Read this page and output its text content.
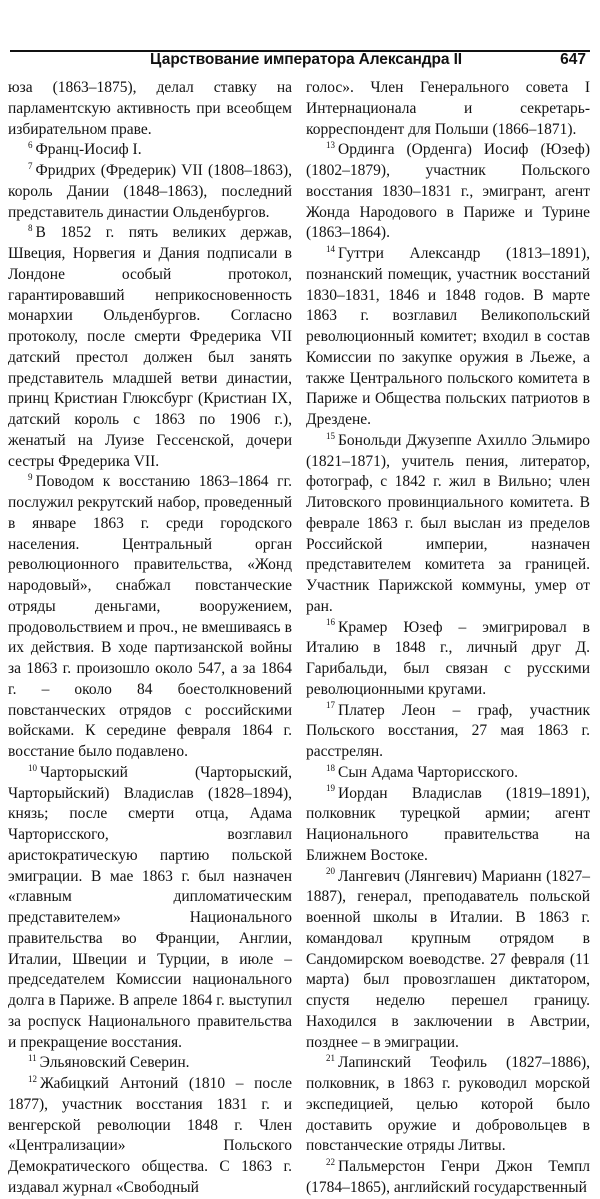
Царствование императора Александра II	647

юза (1863–1875), делал ставку на парламентскую активность при всеобщем избирательном праве.

$^6$ Франц-Иосиф I.

$^7$ Фридрих (Фредерик) VII (1808–1863), король Дании (1848–1863), последний представитель династии Ольденбургов.

$^8$ В 1852 г. пять великих держав, Швеция, Норвегия и Дания подписали в Лондоне особый протокол, гарантировавший неприкосновенность монархии Ольденбургов. Согласно протоколу, после смерти Фредерика VII датский престол должен был занять представитель младшей ветви династии, принц Кристиан Глюксбург (Кристиан IX, датский король с 1863 по 1906 г.), женатый на Луизе Гессенской, дочери сестры Фредерика VII.

$^9$ Поводом к восстанию 1863–1864 гг. послужил рекрутский набор, проведенный в январе 1863 г. среди городского населения. Центральный орган революционного правительства, «Жонд народовый», снабжал повстанческие отряды деньгами, вооружением, продовольствием и проч., не вмешиваясь в их действия. В ходе партизанской войны за 1863 г. произошло около 547, а за 1864 г. – около 84 боестолкновений повстанческих отрядов с российскими войсками. К середине февраля 1864 г. восстание было подавлено.

$^{10}$ Чарторыский (Чарторыский, Чарторыйский) Владислав (1828–1894), князь; после смерти отца, Адама Чарторисского, возглавил аристократическую партию польской эмиграции. В мае 1863 г. был назначен «главным дипломатическим представителем» Национального правительства во Франции, Англии, Италии, Швеции и Турции, в июле – председателем Комиссии национального долга в Париже. В апреле 1864 г. выступил за роспуск Национального правительства и прекращение восстания.

$^{11}$ Эльяновский Северин.

$^{12}$ Жабицкий Антоний (1810 – после 1877), участник восстания 1831 г. и венгерской революции 1848 г. Член «Централизации» Польского Демократического общества. С 1863 г. издавал журнал «Свободный

голос». Член Генерального совета I Интернационала и секретарь-корреспондент для Польши (1866–1871).

$^{13}$ Ординга (Орденга) Иосиф (Юзеф) (1802–1879), участник Польского восстания 1830–1831 г., эмигрант, агент Жонда Народового в Париже и Турине (1863–1864).

$^{14}$ Гуттри Александр (1813–1891), познанский помещик, участник восстаний 1830–1831, 1846 и 1848 годов. В марте 1863 г. возглавил Великопольский революционный комитет; входил в состав Комиссии по закупке оружия в Льеже, а также Центрального польского комитета в Париже и Общества польских патриотов в Дрездене.

$^{15}$ Бонольди Джузеппе Ахилло Эльмиро (1821–1871), учитель пения, литератор, фотограф, с 1842 г. жил в Вильно; член Литовского провинциального комитета. В феврале 1863 г. был выслан из пределов Российской империи, назначен представителем комитета за границей. Участник Парижской коммуны, умер от ран.

$^{16}$ Крамер Юзеф – эмигрировал в Италию в 1848 г., личный друг Д. Гарибальди, был связан с русскими революционными кругами.

$^{17}$ Платер Леон – граф, участник Польского восстания, 27 мая 1863 г. расстрелян.

$^{18}$ Сын Адама Чарторисского.

$^{19}$ Иордан Владислав (1819–1891), полковник турецкой армии; агент Национального правительства на Ближнем Востоке.

$^{20}$ Лангевич (Лянгевич) Марианн (1827–1887), генерал, преподаватель польской военной школы в Италии. В 1863 г. командовал крупным отрядом в Сандомирском воеводстве. 27 февраля (11 марта) был провозглашен диктатором, спустя неделю перешел границу. Находился в заключении в Австрии, позднее – в эмиграции.

$^{21}$ Лапинский Теофиль (1827–1886), полковник, в 1863 г. руководил морской экспедицией, целью которой было доставить оружие и добровольцев в повстанческие отряды Литвы.

$^{22}$ Пальмерстон Генри Джон Темпл (1784–1865), английский государственный
